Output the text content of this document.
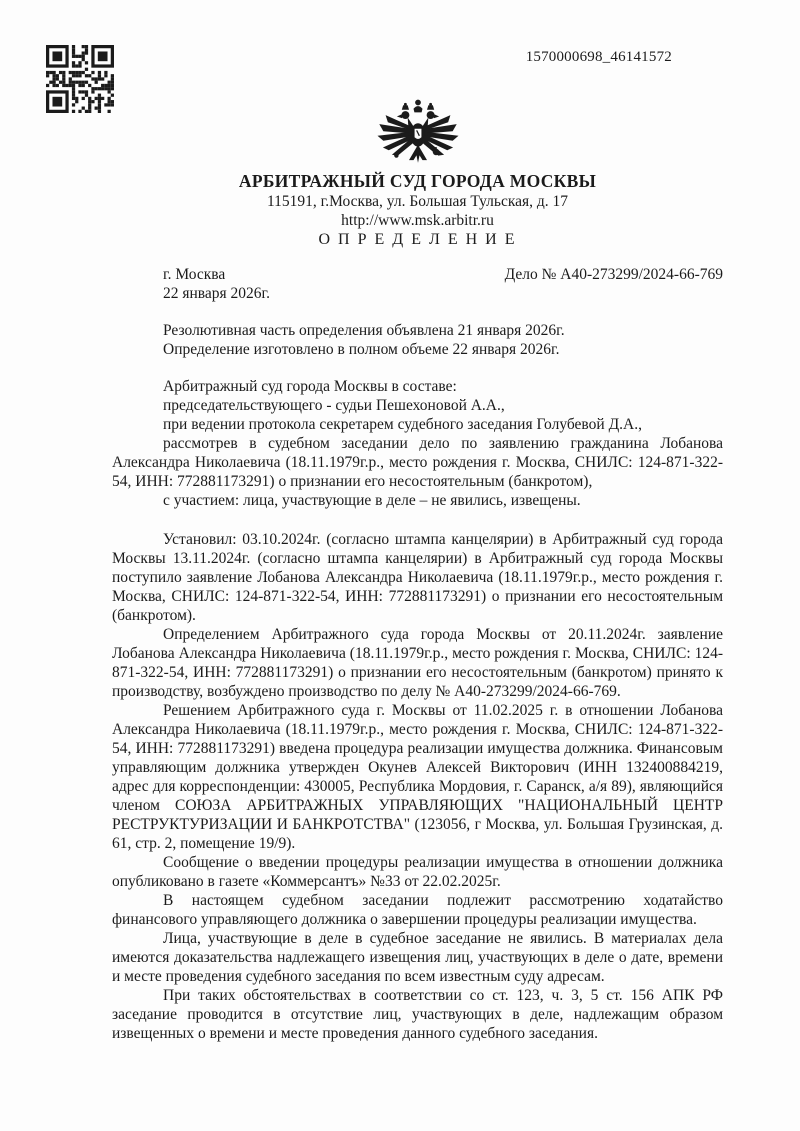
1570000698_46141572
АРБИТРАЖНЫЙ СУД ГОРОДА МОСКВЫ
115191, г.Москва, ул. Большая Тульская, д. 17
http://www.msk.arbitr.ru
О П Р Е Д Е Л Е Н И Е
г. Москва	Дело № А40-273299/2024-66-769
22 января 2026г.
Резолютивная часть определения объявлена 21 января 2026г.
Определение изготовлено в полном объеме 22 января 2026г.
Арбитражный суд города Москвы в составе:
председательствующего - судьи Пешехоновой А.А.,
при ведении протокола секретарем судебного заседания Голубевой Д.А.,

рассмотрев в судебном заседании дело по заявлению гражданина Лобанова Александра Николаевича (18.11.1979г.р., место рождения г. Москва, СНИЛС: 124-871-322-54, ИНН: 772881173291) о признании его несостоятельным (банкротом),

с участием: лица, участвующие в деле – не явились, извещены.

Установил: 03.10.2024г. (согласно штампа канцелярии) в Арбитражный суд города Москвы 13.11.2024г. (согласно штампа канцелярии) в Арбитражный суд города Москвы поступило заявление Лобанова Александра Николаевича (18.11.1979г.р., место рождения г. Москва, СНИЛС: 124-871-322-54, ИНН: 772881173291) о признании его несостоятельным (банкротом).

Определением Арбитражного суда города Москвы от 20.11.2024г. заявление Лобанова Александра Николаевича (18.11.1979г.р., место рождения г. Москва, СНИЛС: 124-871-322-54, ИНН: 772881173291) о признании его несостоятельным (банкротом) принято к производству, возбуждено производство по делу № А40-273299/2024-66-769.

Решением Арбитражного суда г. Москвы от 11.02.2025 г. в отношении Лобанова Александра Николаевича (18.11.1979г.р., место рождения г. Москва, СНИЛС: 124-871-322-54, ИНН: 772881173291) введена процедура реализации имущества должника. Финансовым управляющим должника утвержден Окунев Алексей Викторович (ИНН 132400884219, адрес для корреспонденции: 430005, Республика Мордовия, г. Саранск, а/я 89), являющийся членом СОЮЗА АРБИТРАЖНЫХ УПРАВЛЯЮЩИХ "НАЦИОНАЛЬНЫЙ ЦЕНТР РЕСТРУКТУРИЗАЦИИ И БАНКРОТСТВА" (123056, г Москва, ул. Большая Грузинская, д. 61, стр. 2, помещение 19/9).

Сообщение о введении процедуры реализации имущества в отношении должника опубликовано в газете «Коммерсантъ» №33 от 22.02.2025г.

В настоящем судебном заседании подлежит рассмотрению ходатайство финансового управляющего должника о завершении процедуры реализации имущества.

Лица, участвующие в деле в судебное заседание не явились. В материалах дела имеются доказательства надлежащего извещения лиц, участвующих в деле о дате, времени и месте проведения судебного заседания по всем известным суду адресам.

При таких обстоятельствах в соответствии со ст. 123, ч. 3, 5 ст. 156 АПК РФ заседание проводится в отсутствие лиц, участвующих в деле, надлежащим образом извещенных о времени и месте проведения данного судебного заседания.
